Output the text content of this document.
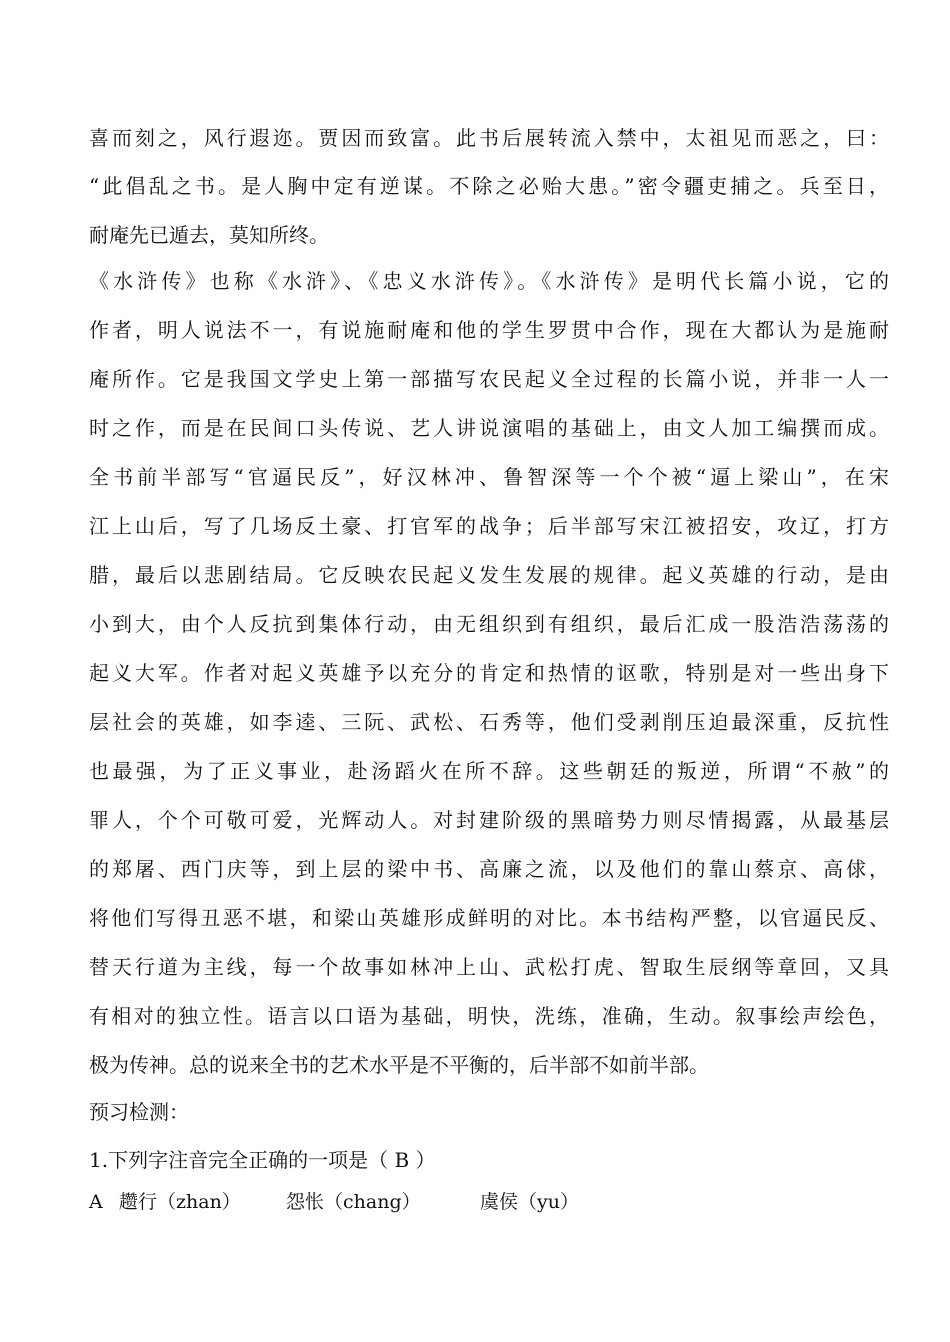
喜而刻之，风行遐迩。贾因而致富。此书后展转流入禁中，太祖见而恶之，曰：
“此倡乱之书。是人胸中定有逆谋。不除之必贻大患。”密令疆吏捕之。兵至日，
耐庵先已遁去，莫知所终。
《水浒传》也称《水浒》、《忠义水浒传》。《水浒传》是明代长篇小说，它的
作者，明人说法不一，有说施耐庵和他的学生罗贯中合作，现在大都认为是施耐
庵所作。它是我国文学史上第一部描写农民起义全过程的长篇小说，并非一人一
时之作，而是在民间口头传说、艺人讲说演唱的基础上，由文人加工编撰而成。
全书前半部写“官逼民反”，好汉林冲、鲁智深等一个个被“逼上梁山”，在宋
江上山后，写了几场反土豪、打官军的战争；后半部写宋江被招安，攻辽，打方
腊，最后以悲剧结局。它反映农民起义发生发展的规律。起义英雄的行动，是由
小到大，由个人反抗到集体行动，由无组织到有组织，最后汇成一股浩浩荡荡的
起义大军。作者对起义英雄予以充分的肯定和热情的讴歌，特别是对一些出身下
层社会的英雄，如李逵、三阮、武松、石秀等，他们受剥削压迫最深重，反抗性
也最强，为了正义事业，赴汤蹈火在所不辞。这些朝廷的叛逆，所谓“不赦”的
罪人，个个可敬可爱，光辉动人。对封建阶级的黑暗势力则尽情揭露，从最基层
的郑屠、西门庆等，到上层的梁中书、高廉之流，以及他们的靠山蔡京、高俅，
将他们写得丑恶不堪，和梁山英雄形成鲜明的对比。本书结构严整，以官逼民反、
替天行道为主线，每一个故事如林冲上山、武松打虎、智取生辰纲等章回，又具
有相对的独立性。语言以口语为基础，明快，洗练，准确，生动。叙事绘声绘色，
极为传神。总的说来全书的艺术水平是不平衡的，后半部不如前半部。
预习检测：
1.下列字注音完全正确的一项是（ B ）
A 趱行（zhan） 怨怅（chang）	虞侯（yu）
